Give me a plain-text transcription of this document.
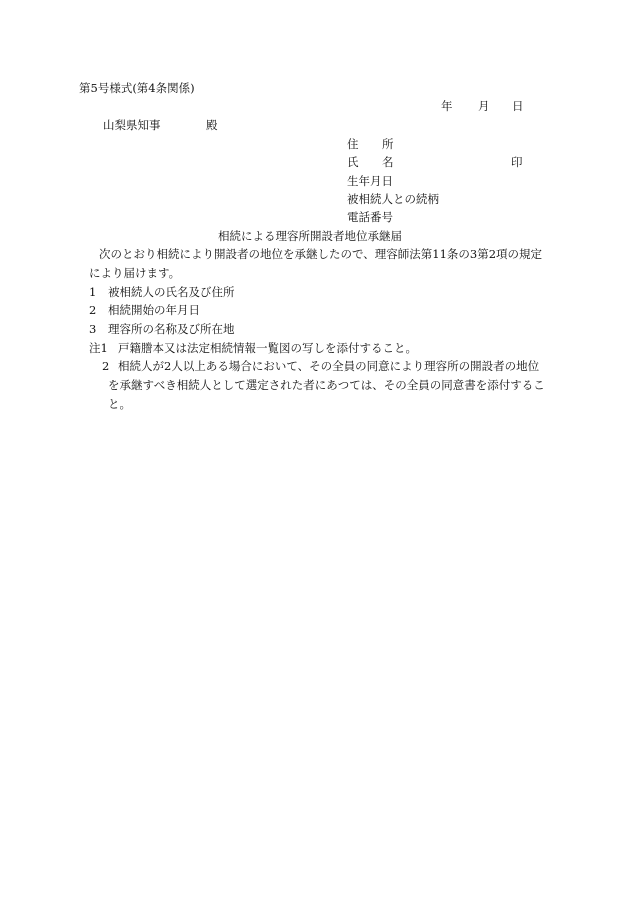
第5号様式(第4条関係)
年 月 日
山梨県知事	殿
住 所
氏 名	印
生年月日
被相続人との続柄
電話番号
相続による理容所開設者地位承継届
次のとおり相続により開設者の地位を承継したので、理容師法第11条の3第2項の規定
により届けます。
1 被相続人の氏名及び住所
2 相続開始の年月日
3 理容所の名称及び所在地
注1 戸籍謄本又は法定相続情報一覧図の写しを添付すること。
2 相続人が2人以上ある場合において、その全員の同意により理容所の開設者の地位
を承継すべき相続人として選定された者にあつては、その全員の同意書を添付するこ
と。
